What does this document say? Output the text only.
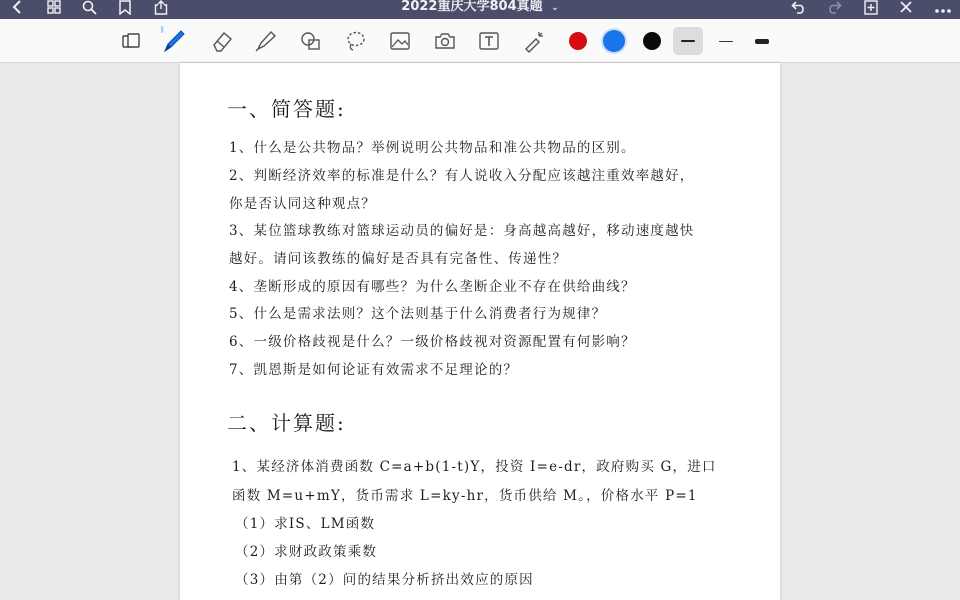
2022重庆大学804真题 ⌄
ᛒ
一、简答题:
1、什么是公共物品？举例说明公共物品和准公共物品的区别。
2、判断经济效率的标准是什么？有人说收入分配应该越注重效率越好，
你是否认同这种观点？
3、某位篮球教练对篮球运动员的偏好是：身高越高越好，移动速度越快
越好。请问该教练的偏好是否具有完备性、传递性？
4、垄断形成的原因有哪些？为什么垄断企业不存在供给曲线？
5、什么是需求法则？这个法则基于什么消费者行为规律？
6、一级价格歧视是什么？一级价格歧视对资源配置有何影响？
7、凯恩斯是如何论证有效需求不足理论的？
二、计算题:
1、某经济体消费函数 C=a+b(1-t)Y，投资 I=e-dr，政府购买 G，进口
函数 M=u+mY，货币需求 L=ky-hr，货币供给 M。，价格水平 P=1
（1）求IS、LM函数
（2）求财政政策乘数
（3）由第（2）问的结果分析挤出效应的原因
